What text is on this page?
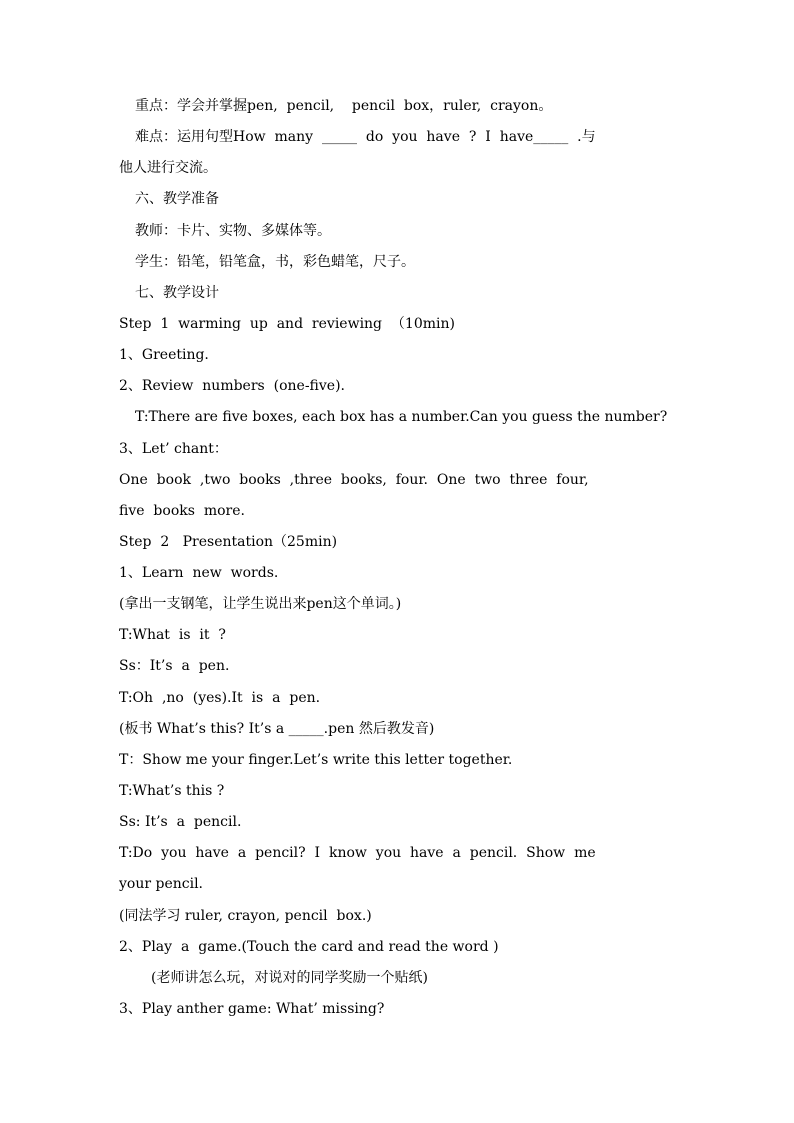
重点：学会并掌握pen,  pencil,    pencil  box，ruler,  crayon。
难点：运用句型How  many  _____  do  you  have  ?  I  have_____  .与
他人进行交流。
六、教学准备
教师：卡片、实物、多媒体等。
学生：铅笔，铅笔盒，书，彩色蜡笔，尺子。
七、教学设计
Step  1  warming  up  and  reviewing  （10min)
1、Greeting.
2、Review  numbers  (one-five).
T:There are five boxes, each box has a number.Can you guess the number?
3、Let’ chant：
One  book  ,two  books  ,three  books,  four.  One  two  three  four,
five  books  more.
Step  2   Presentation（25min)
1、Learn  new  words.
(拿出一支钢笔，让学生说出来pen这个单词。)
T:What  is  it  ?
Ss：It’s  a  pen.
T:Oh  ,no  (yes).It  is  a  pen.
(板书 What’s this? It’s a _____.pen 然后教发音)
T：Show me your finger.Let’s write this letter together.
T:What’s this ?
Ss: It’s  a  pencil.
T:Do  you  have  a  pencil?  I  know  you  have  a  pencil.  Show  me
your pencil.
(同法学习 ruler, crayon, pencil  box.)
2、Play  a  game.(Touch the card and read the word )
(老师讲怎么玩，对说对的同学奖励一个贴纸)
3、Play anther game: What’ missing?
